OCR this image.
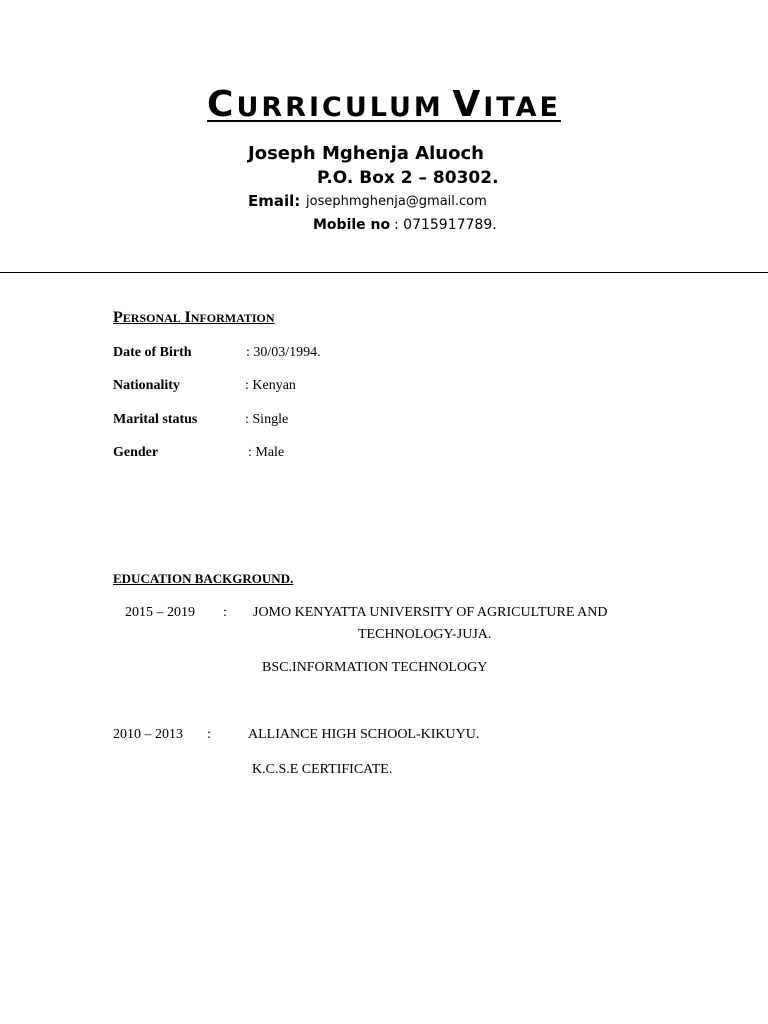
CURRICULUM VITAE
Joseph Mghenja Aluoch
P.O. Box 2 – 80302.
Email: josephmghenja@gmail.com
Mobile no : 0715917789.
PERSONAL INFORMATION
Date of Birth	: 30/03/1994.
Nationality	: Kenyan
Marital status	: Single
Gender	: Male
EDUCATION BACKGROUND.
2015 – 2019 : JOMO KENYATTA UNIVERSITY OF AGRICULTURE AND
TECHNOLOGY-JUJA.
BSC.INFORMATION TECHNOLOGY
2010 – 2013 :	ALLIANCE HIGH SCHOOL-KIKUYU.
K.C.S.E CERTIFICATE.
